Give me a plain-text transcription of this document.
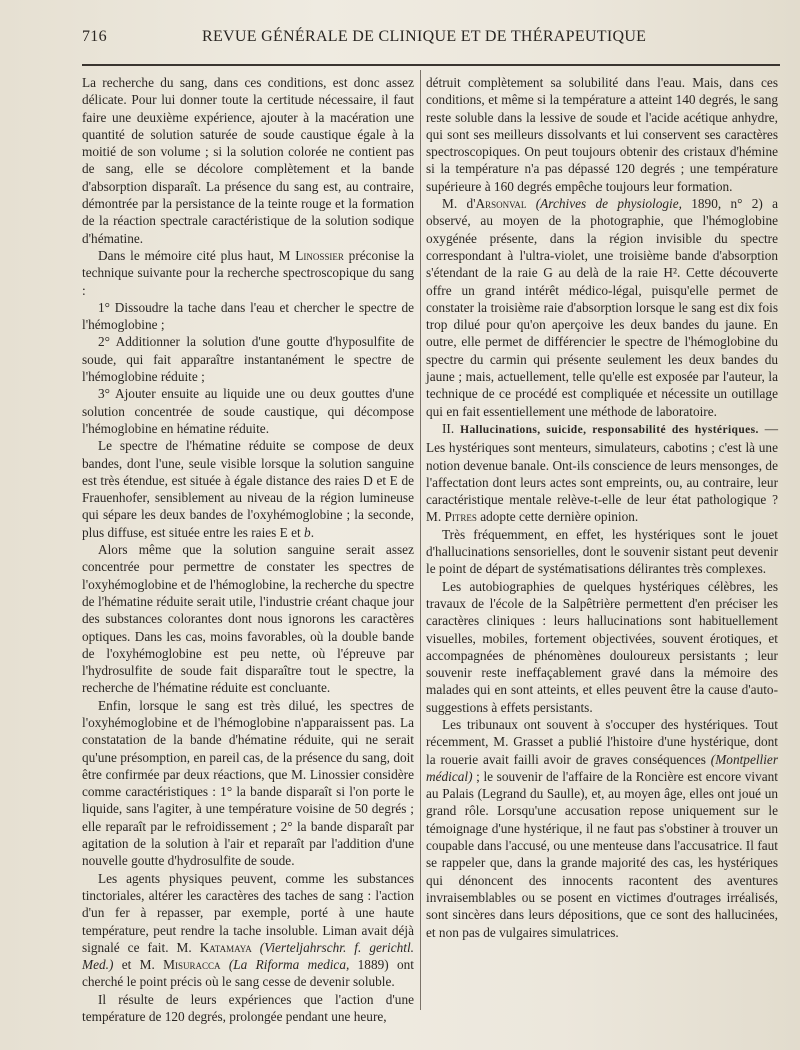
716	REVUE GÉNÉRALE DE CLINIQUE ET DE THÉRAPEUTIQUE

La recherche du sang, dans ces conditions, est donc assez délicate. Pour lui donner toute la certitude nécessaire, il faut faire une deuxième expérience, ajouter à la macération une quantité de solution saturée de soude caustique égale à la moitié de son volume ; si la solution colorée ne contient pas de sang, elle se décolore complètement et la bande d'absorption disparaît. La présence du sang est, au contraire, démontrée par la persistance de la teinte rouge et la formation de la réaction spectrale caractéristique de la solution sodique d'hématine.

Dans le mémoire cité plus haut, M Linossier préconise la technique suivante pour la recherche spectroscopique du sang :

1° Dissoudre la tache dans l'eau et chercher le spectre de l'hémoglobine ;

2° Additionner la solution d'une goutte d'hyposulfite de soude, qui fait apparaître instantanément le spectre de l'hémoglobine réduite ;

3° Ajouter ensuite au liquide une ou deux gouttes d'une solution concentrée de soude caustique, qui décompose l'hémoglobine en hématine réduite.

Le spectre de l'hématine réduite se compose de deux bandes, dont l'une, seule visible lorsque la solution sanguine est très étendue, est située à égale distance des raies D et E de Frauenhofer, sensiblement au niveau de la région lumineuse qui sépare les deux bandes de l'oxyhémoglobine ; la seconde, plus diffuse, est située entre les raies E et b.

Alors même que la solution sanguine serait assez concentrée pour permettre de constater les spectres de l'oxyhémoglobine et de l'hémoglobine, la recherche du spectre de l'hématine réduite serait utile, l'industrie créant chaque jour des substances colorantes dont nous ignorons les caractères optiques. Dans les cas, moins favorables, où la double bande de l'oxyhémoglobine est peu nette, où l'épreuve par l'hydrosulfite de soude fait disparaître tout le spectre, la recherche de l'hématine réduite est concluante.

Enfin, lorsque le sang est très dilué, les spectres de l'oxyhémoglobine et de l'hémoglobine n'apparaissent pas. La constatation de la bande d'hématine réduite, qui ne serait qu'une présomption, en pareil cas, de la présence du sang, doit être confirmée par deux réactions, que M. Linossier considère comme caractéristiques : 1° la bande disparaît si l'on porte le liquide, sans l'agiter, à une température voisine de 50 degrés ; elle reparaît par le refroidissement ; 2° la bande disparaît par agitation de la solution à l'air et reparaît par l'addition d'une nouvelle goutte d'hydrosulfite de soude.

Les agents physiques peuvent, comme les substances tinctoriales, altérer les caractères des taches de sang : l'action d'un fer à repasser, par exemple, porté à une haute température, peut rendre la tache insoluble. Liman avait déjà signalé ce fait. M. Katamaya (Vierteljahrschr. f. gerichtl. Med.) et M. Misuracca (La Riforma medica, 1889) ont cherché le point précis où le sang cesse de devenir soluble.

Il résulte de leurs expériences que l'action d'une température de 120 degrés, prolongée pendant une heure,

détruit complètement sa solubilité dans l'eau. Mais, dans ces conditions, et même si la température a atteint 140 degrés, le sang reste soluble dans la lessive de soude et l'acide acétique anhydre, qui sont ses meilleurs dissolvants et lui conservent ses caractères spectroscopiques. On peut toujours obtenir des cristaux d'hémine si la température n'a pas dépassé 120 degrés ; une température supérieure à 160 degrés empêche toujours leur formation.

M. d'Arsonval (Archives de physiologie, 1890, n° 2) a observé, au moyen de la photographie, que l'hémoglobine oxygénée présente, dans la région invisible du spectre correspondant à l'ultra-violet, une troisième bande d'absorption s'étendant de la raie G au delà de la raie H². Cette découverte offre un grand intérêt médico-légal, puisqu'elle permet de constater la troisième raie d'absorption lorsque le sang est dix fois trop dilué pour qu'on aperçoive les deux bandes du jaune. En outre, elle permet de différencier le spectre de l'hémoglobine du spectre du carmin qui présente seulement les deux bandes du jaune ; mais, actuellement, telle qu'elle est exposée par l'auteur, la technique de ce procédé est compliquée et nécessite un outillage qui en fait essentiellement une méthode de laboratoire.

II. Hallucinations, suicide, responsabilité des hystériques. — Les hystériques sont menteurs, simulateurs, cabotins ; c'est là une notion devenue banale. Ont-ils conscience de leurs mensonges, de l'affectation dont leurs actes sont empreints, ou, au contraire, leur caractéristique mentale relève-t-elle de leur état pathologique ? M. Pitres adopte cette dernière opinion.

Très fréquemment, en effet, les hystériques sont le jouet d'hallucinations sensorielles, dont le souvenir sistant peut devenir le point de départ de systématisations délirantes très complexes.

Les autobiographies de quelques hystériques célèbres, les travaux de l'école de la Salpêtrière permettent d'en préciser les caractères cliniques : leurs hallucinations sont habituellement visuelles, mobiles, fortement objectivées, souvent érotiques, et accompagnées de phénomènes douloureux persistants ; leur souvenir reste ineffaçablement gravé dans la mémoire des malades qui en sont atteints, et elles peuvent être la cause d'auto-suggestions à effets persistants.

Les tribunaux ont souvent à s'occuper des hystériques. Tout récemment, M. Grasset a publié l'histoire d'une hystérique, dont la rouerie avait failli avoir de graves conséquences (Montpellier médical) ; le souvenir de l'affaire de la Roncière est encore vivant au Palais (Legrand du Saulle), et, au moyen âge, elles ont joué un grand rôle. Lorsqu'une accusation repose uniquement sur le témoignage d'une hystérique, il ne faut pas s'obstiner à trouver un coupable dans l'accusé, ou une menteuse dans l'accusatrice. Il faut se rappeler que, dans la grande majorité des cas, les hystériques qui dénoncent des innocents racontent des aventures invraisemblables ou se posent en victimes d'outrages irréalisés, sont sincères dans leurs dépositions, que ce sont des hallucinées, et non pas de vulgaires simulatrices.
